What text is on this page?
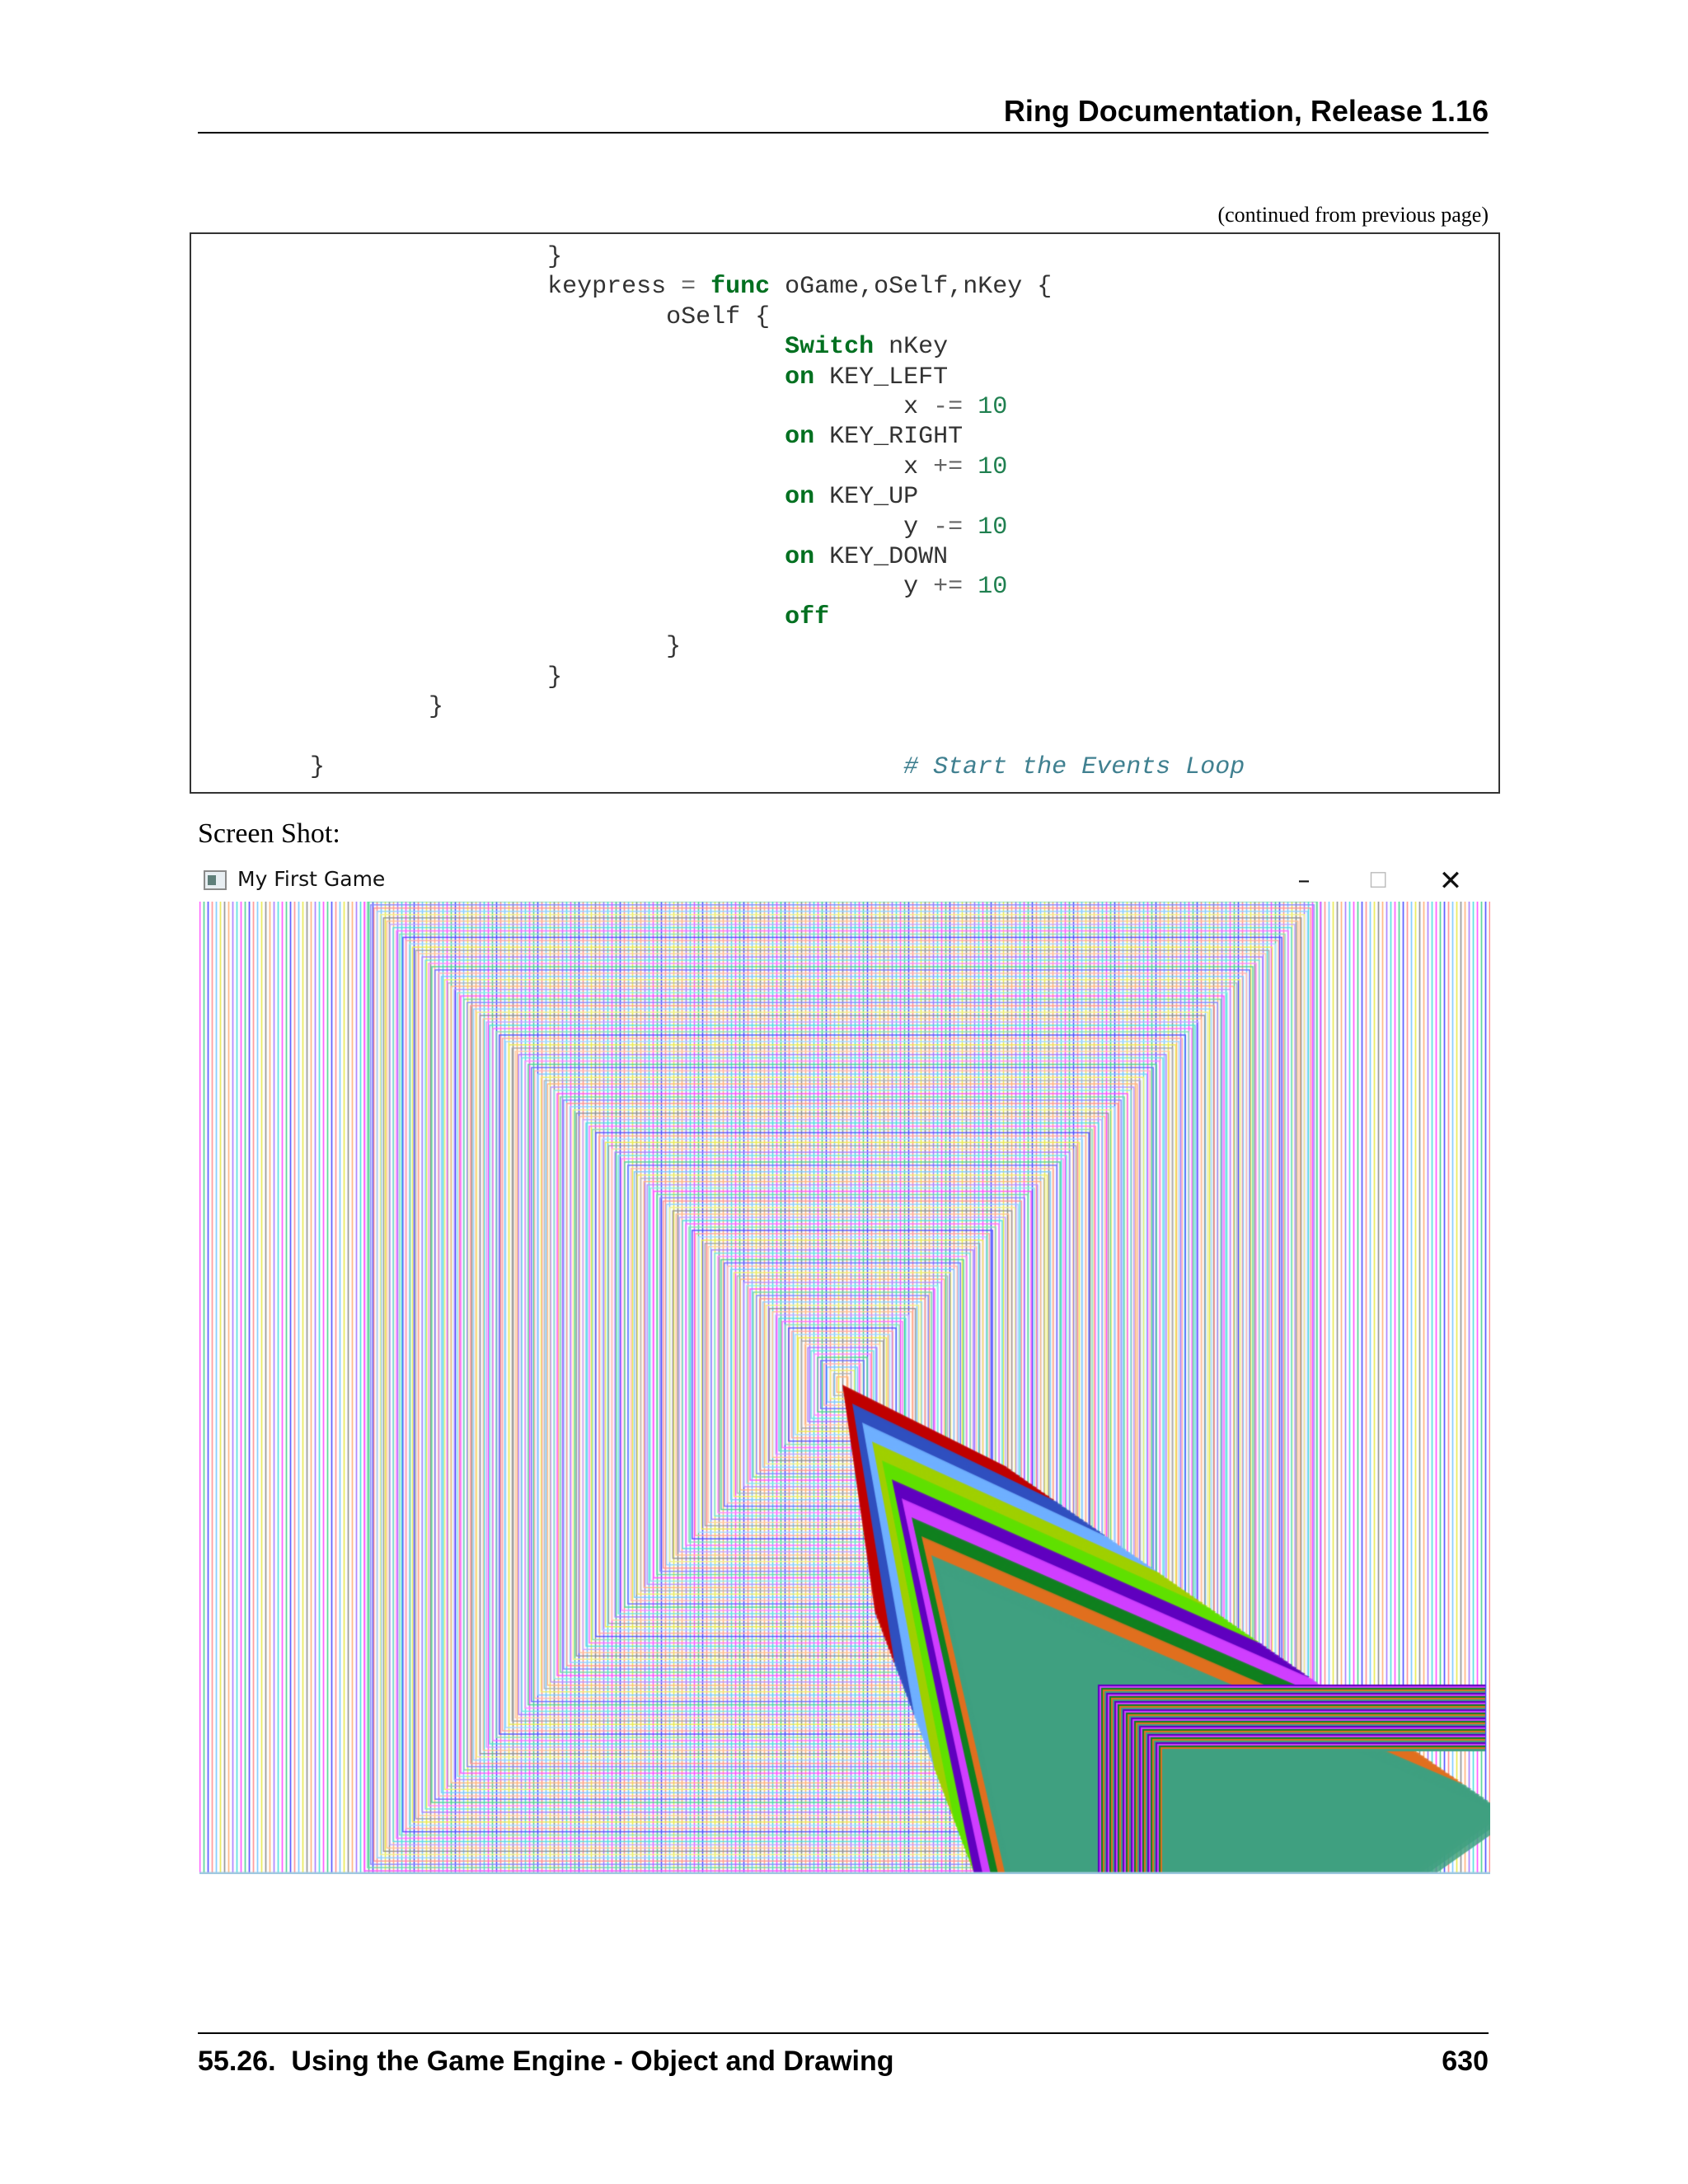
Ring Documentation, Release 1.16
(continued from previous page)
}
keypress = func oGame,oSelf,nKey {
oSelf {
Switch nKey
on KEY_LEFT
x -= 10
on KEY_RIGHT
x += 10
on KEY_UP
y -= 10
on KEY_DOWN
y += 10
off
}
}
}
}                                       # Start the Events Loop
Screen Shot:
My First Game	–	☐	✕
55.26.  Using the Game Engine - Object and Drawing	630
